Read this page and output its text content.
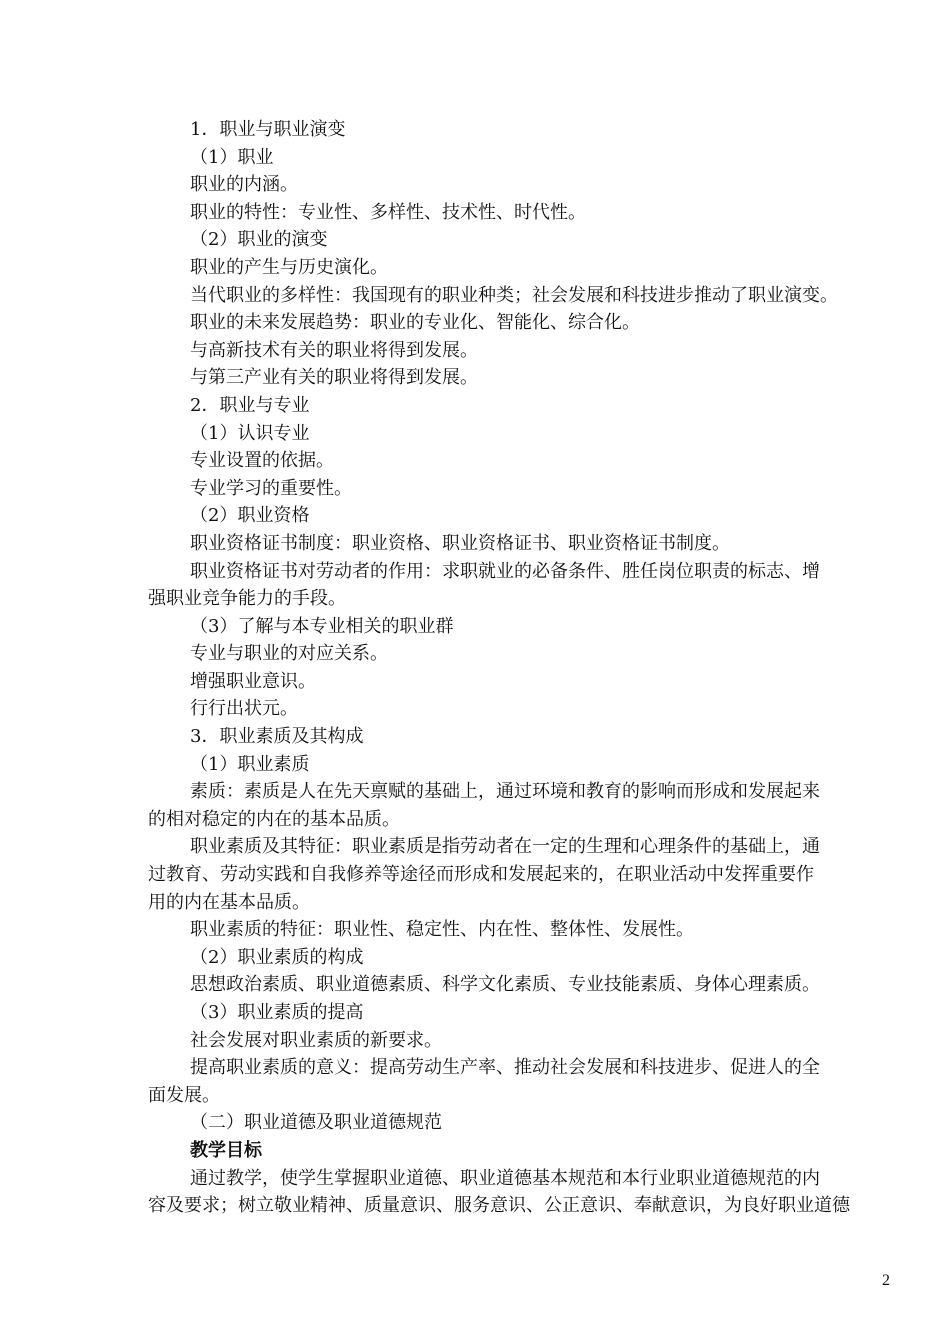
1．职业与职业演变
（1）职业
职业的内涵。
职业的特性：专业性、多样性、技术性、时代性。
（2）职业的演变
职业的产生与历史演化。
当代职业的多样性：我国现有的职业种类；社会发展和科技进步推动了职业演变。
职业的未来发展趋势：职业的专业化、智能化、综合化。
与高新技术有关的职业将得到发展。
与第三产业有关的职业将得到发展。
2．职业与专业
（1）认识专业
专业设置的依据。
专业学习的重要性。
（2）职业资格
职业资格证书制度：职业资格、职业资格证书、职业资格证书制度。
职业资格证书对劳动者的作用：求职就业的必备条件、胜任岗位职责的标志、增
强职业竞争能力的手段。
（3）了解与本专业相关的职业群
专业与职业的对应关系。
增强职业意识。
行行出状元。
3．职业素质及其构成
（1）职业素质
素质：素质是人在先天禀赋的基础上，通过环境和教育的影响而形成和发展起来
的相对稳定的内在的基本品质。
职业素质及其特征：职业素质是指劳动者在一定的生理和心理条件的基础上，通
过教育、劳动实践和自我修养等途径而形成和发展起来的，在职业活动中发挥重要作
用的内在基本品质。
职业素质的特征：职业性、稳定性、内在性、整体性、发展性。
（2）职业素质的构成
思想政治素质、职业道德素质、科学文化素质、专业技能素质、身体心理素质。
（3）职业素质的提高
社会发展对职业素质的新要求。
提高职业素质的意义：提高劳动生产率、推动社会发展和科技进步、促进人的全
面发展。
（二）职业道德及职业道德规范
教学目标
通过教学，使学生掌握职业道德、职业道德基本规范和本行业职业道德规范的内
容及要求；树立敬业精神、质量意识、服务意识、公正意识、奉献意识，为良好职业道德
2
